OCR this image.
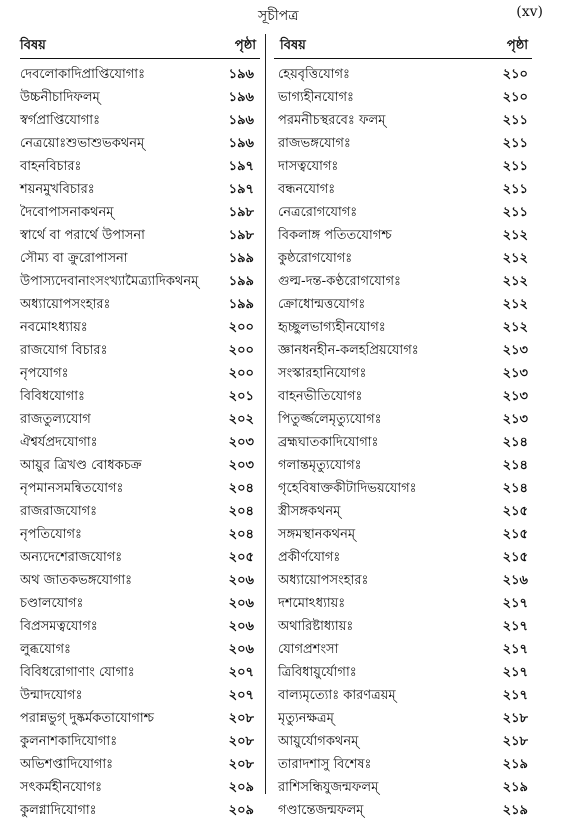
সূচীপত্র	(xv)
বিষয়	পৃষ্ঠা বিষয়	পৃষ্ঠা
দেবলোকাদিপ্রাপ্তিযোগাঃ	১৯৬ হেয়বৃত্তিযোগঃ	২১০
উচ্চনীচাদিফলম্	১৯৬ ভাগ্যহীনযোগঃ	২১০
স্বর্গপ্রাপ্তিযোগাঃ	১৯৬ পরমনীচস্থরবেঃ ফলম্	২১১
নেত্রয়োঃশুভাশুভকথনম্	১৯৬ রাজভঙ্গযোগঃ	২১১
বাহনবিচারঃ	১৯৭ দাসত্বযোগঃ	২১১
শয়নমুখবিচারঃ	১৯৭ বন্ধনযোগঃ	২১১
দৈবোপাসনাকথনম্	১৯৮ নেত্ররোগযোগঃ	২১১
স্বার্থে বা পরার্থে উপাসনা	১৯৮ বিকলাঙ্গ পতিতযোগশ্চ	২১২
সৌম্য বা ক্রুরোপাসনা	১৯৯ কুষ্ঠরোগযোগঃ	২১২
উপাস্যদেবানাংসংখ্যামৈত্র্যাদিকথনম্	১৯৯ গুল্ম-দন্ত-কণ্ঠরোগযোগঃ	২১২
অধ্যায়োপসংহারঃ	১৯৯ ক্রোধোন্মত্তযোগঃ	২১২
নবমোঽধ্যায়ঃ	২০০ হৃচ্ছুলভাগ্যহীনযোগঃ	২১২
রাজযোগ বিচারঃ	২০০ জ্ঞানধনহীন-কলহপ্রিয়যোগঃ	২১৩
নৃপযোগঃ	২০০ সংস্কারহানিযোগঃ	২১৩
বিবিধযোগাঃ	২০১ বাহনভীতিযোগঃ	২১৩
রাজতুল্যযোগ	২০২ পিতুর্জ্জলেমৃত্যুযোগঃ	২১৩
ঐশ্বর্যপ্রদযোগাঃ	২০৩ ব্রহ্মঘাতকাদিযোগাঃ	২১৪
আয়ুর ত্রিখণ্ড বোধকচক্র	২০৩ গলান্তমৃত্যুযোগঃ	২১৪
নৃপমানসমন্বিতযোগঃ	২০৪ গৃহেবিষাক্তকীটাদিভয়যোগঃ	২১৪
রাজরাজযোগঃ	২০৪ স্ত্রীসঙ্গকথনম্	২১৫
নৃপতিযোগঃ	২০৪ সঙ্গমস্থানকথনম্	২১৫
অন্যদেশেরাজযোগঃ	২০৫ প্রকীর্ণযোগঃ	২১৫
অথ জাতকভঙ্গযোগাঃ	২০৬ অধ্যায়োপসংহারঃ	২১৬
চণ্ডালযোগঃ	২০৬ দশমোঽধ্যায়ঃ	২১৭
বিপ্রসমত্বযোগঃ	২০৬ অথারিষ্টাধ্যায়ঃ	২১৭
লুব্ধযোগঃ	২০৬ যোগপ্রশংসা	২১৭
বিবিধরোগাণাং যোগাঃ	২০৭ ত্রিবিধায়ুর্যোগাঃ	২১৭
উন্মাদযোগঃ	২০৭ বাল্যমৃত্যোঃ কারণত্রয়ম্	২১৭
পরান্নভুগ্ দুষ্কর্মকতাযোগাশ্চ	২০৮ মৃত্যুনক্ষত্রম্	২১৮
কুলনাশকাদিযোগাঃ	২০৮ আয়ুর্যোগকথনম্	২১৮
অভিশপ্তাদিযোগাঃ	২০৮ তারাদশাসু বিশেষঃ	২১৯
সৎকর্মহীনযোগঃ	২০৯ রাশিসন্ধিযুজন্মফলম্	২১৯
কুলগ্নাদিযোগাঃ	২০৯ গণ্ডান্তেজন্মফলম্	২১৯
